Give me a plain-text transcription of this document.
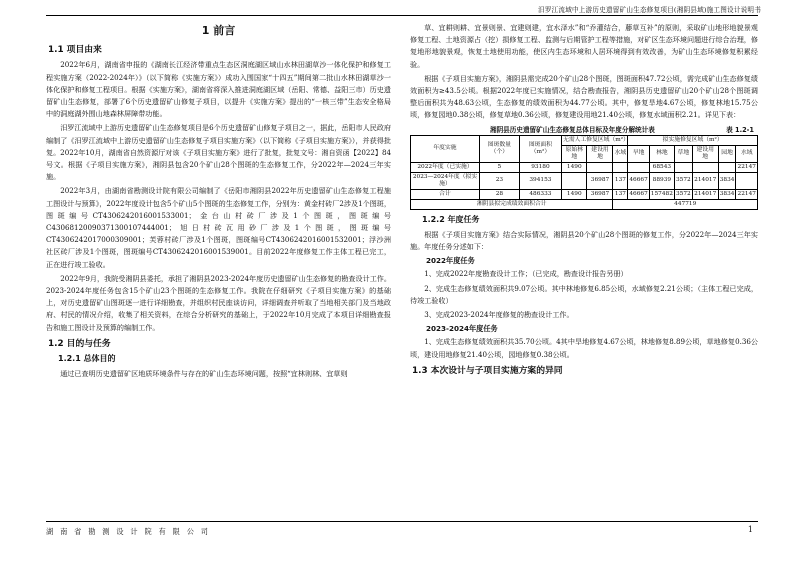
汨罗江流域中上游历史遗留矿山生态修复项目(湘阴县域)施工图设计说明书
1 前言
1.1 项目由来

2022年6月，湖南省申报的《湖南长江经济带重点生态区洞庭湖区域山水林田湖草沙一体化保护和修复工程实施方案（2022-2024年）》（以下简称《实施方案》）成功入围国家“十四五”期间第二批山水林田湖草沙一体化保护和修复工程项目。根据《实施方案》，湖南省将深入推进洞庭湖区域（岳阳、常德、益阳三市）历史遗留矿山生态修复，部署了6个历史遗留矿山修复子项目，以提升《实施方案》提出的“一核三带”生态安全格局中的洞庭湖外围山地森林屏障带功能。

汨罗江流域中上游历史遗留矿山生态修复项目是6个历史遗留矿山修复子项目之一，据此，岳阳市人民政府编制了《汨罗江流域中上游历史遗留矿山生态修复子项目实施方案》（以下简称《子项目实施方案》），并获得批复。2022年10月，湖南省自然资源厅对该《子项目实施方案》进行了批复，批复文号：湘自资函【2022】84号文。根据《子项目实施方案》，湘阴县包含20个矿山28个图斑的生态修复工作，分2022年—2024三年实施。

2022年3月，由湖南省勘测设计院有限公司编制了《岳阳市湘阴县2022年历史遗留矿山生态修复工程施工图设计与预算》，2022年度设计包含5个矿山5个图斑的生态修复工作，分别为：黄金村砖厂2涉及1个图斑，图斑编号CT4306242016001533001；金台山村砖厂涉及1个图斑，图斑编号C43068120090371300107444001；旭日村砖瓦用砂厂涉及1个图斑，图斑编号CT4306242017000309001；芙蓉村砖厂涉及1个图斑，图斑编号CT4306242016001532001；浮沙洲社区砖厂涉及1个图斑，图斑编号CT4306242016001539001。目前2022年度修复工作主体工程已完工，正在进行竣工验收。

2022年9月，我院受湘阴县委托，承担了湘阴县2023-2024年度历史遗留矿山生态修复的勘查设计工作。2023-2024年度任务包含15个矿山23个图斑的生态修复工作。我院在仔细研究《子项目实施方案》的基础上，对历史遗留矿山图斑逐一进行详细勘查，并组织村民座谈访问，详细调查并听取了当地相关部门及当地政府、村民的情况介绍，收集了相关资料，在综合分析研究的基础上，于2022年10月完成了本项目详细勘查报告和施工图设计及预算的编制工作。

1.2 目的与任务
1.2.1 总体目的

通过已查明历史遗留矿区地质环境条件与存在的矿山生态环境问题，按照“宜林则林、宜草则

草、宜耕则耕、宜景则景、宜建则建，宜水泽水”和“乔灌结合，藤草互补”的原则，采取矿山地形地貌景观修复工程、土地资源占（挖）损修复工程、监测与后期管护工程等措施，对矿区生态环境问题进行综合治理，修复地形地貌景观，恢复土地使用功能，使区内生态环境和人居环境得到有效改善，为矿山生态环境修复积累经验。

根据《子项目实施方案》，湘阴县需完成20个矿山28个图斑，图斑面积47.72公顷，需完成矿山生态修复绩效面积为≥43.5公顷。根据2022年度已实施情况，结合勘查报告，湘阴县历史遗留矿山20个矿山28个图斑调整后面积共为48.63公顷，生态修复的绩效面积为44.77公顷。其中，修复旱地4.67公顷，修复林地15.75公顷，修复园地0.38公顷，修复草地0.36公顷，修复建设用地21.40公顷，修复水域面积2.21。详见下表：

湘阴县历史遗留矿山生态修复总体目标及年度分解统计表	表 1.2-1
年度实施	图斑数量（个）	图斑面积（m²）	无需人工修复区域（m²）			拟实施修复区域（m²）					
			原始林地	建设用地	水域	旱地	林地	草地	建设用地	园地	水域
2022年度（已实施）	5	93180	1490				68543				22147
2023—2024年度（拟实施）	23	394153		36987	137	46667	88939	3572	214017	3834	
合计	28	486333	1490	36987	137	46667	157482	3572	214017	3834	22147
湘阴县拟完成绩效面积合计					447719						
1.2.2 年度任务

根据《子项目实施方案》结合实际情况，湘阴县20个矿山28个图斑的修复工作，分2022年—2024三年实施。年度任务分述如下：

2022年度任务

1、完成2022年度勘查设计工作；（已完成，勘查设计报告另册）

2、完成生态修复绩效面积共9.07公顷。其中林地修复6.85公顷，水域修复2.21公顷；（主体工程已完成，待竣工验收）

3、完成2023-2024年度修复的勘查设计工作。

2023-2024年度任务

1、完成生态修复绩效面积共35.70公顷。4其中旱地修复4.67公顷，林地修复8.89公顷，草地修复0.36公顷，建设用地修复21.40公顷，园地修复0.38公顷。

1.3 本次设计与子项目实施方案的异同
湖 南 省 勘 测 设 计 院 有 限 公 司	1
